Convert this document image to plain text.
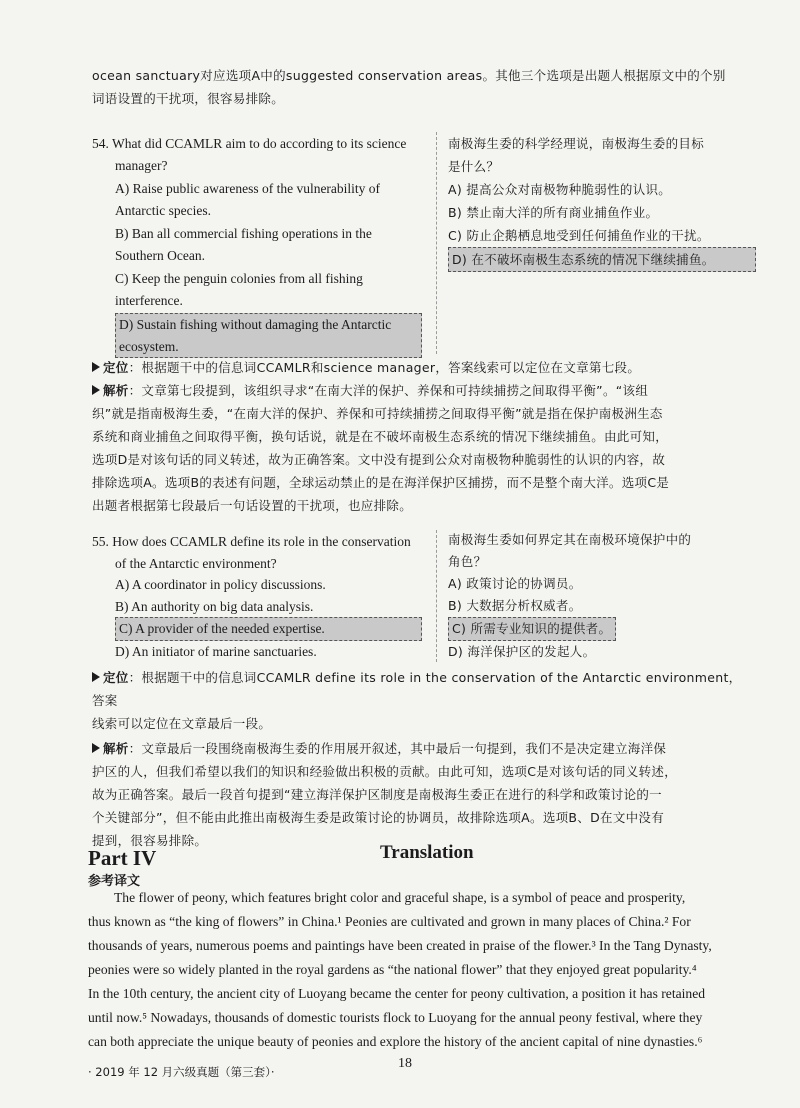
ocean sanctuary对应选项A中的suggested conservation areas。其他三个选项是出题人根据原文中的个别
词语设置的干扰项，很容易排除。
54. What did CCAMLR aim to do according to its science
manager?
A) Raise public awareness of the vulnerability of
Antarctic species.
B) Ban all commercial fishing operations in the
Southern Ocean.
C) Keep the penguin colonies from all fishing
interference.
D) Sustain fishing without damaging the Antarctic
ecosystem.
南极海生委的科学经理说，南极海生委的目标
是什么？
A) 提高公众对南极物种脆弱性的认识。
B) 禁止南大洋的所有商业捕鱼作业。
C) 防止企鹅栖息地受到任何捕鱼作业的干扰。
D) 在不破坏南极生态系统的情况下继续捕鱼。
定位：根据题干中的信息词CCAMLR和science manager，答案线索可以定位在文章第七段。
解析：文章第七段提到，该组织寻求“在南大洋的保护、养保和可持续捕捞之间取得平衡”。“该组
织”就是指南极海生委，“在南大洋的保护、养保和可持续捕捞之间取得平衡”就是指在保护南极洲生态
系统和商业捕鱼之间取得平衡，换句话说，就是在不破坏南极生态系统的情况下继续捕鱼。由此可知，
选项D是对该句话的同义转述，故为正确答案。文中没有提到公众对南极物种脆弱性的认识的内容，故
排除选项A。选项B的表述有问题，全球运动禁止的是在海洋保护区捕捞，而不是整个南大洋。选项C是
出题者根据第七段最后一句话设置的干扰项，也应排除。
55. How does CCAMLR define its role in the conservation
of the Antarctic environment?
A) A coordinator in policy discussions.
B) An authority on big data analysis.
C) A provider of the needed expertise.
D) An initiator of marine sanctuaries.
南极海生委如何界定其在南极环境保护中的
角色？
A) 政策讨论的协调员。
B) 大数据分析权威者。
C) 所需专业知识的提供者。
D) 海洋保护区的发起人。
定位：根据题干中的信息词CCAMLR define its role in the conservation of the Antarctic environment，答案
线索可以定位在文章最后一段。
解析：文章最后一段围绕南极海生委的作用展开叙述，其中最后一句提到，我们不是决定建立海洋保
护区的人，但我们希望以我们的知识和经验做出积极的贡献。由此可知，选项C是对该句话的同义转述，
故为正确答案。最后一段首句提到“建立海洋保护区制度是南极海生委正在进行的科学和政策讨论的一
个关键部分”，但不能由此推出南极海生委是政策讨论的协调员，故排除选项A。选项B、D在文中没有
提到，很容易排除。
Part IV	Translation
参考译文
The flower of peony, which features bright color and graceful shape, is a symbol of peace and prosperity,
thus known as “the king of flowers” in China.¹ Peonies are cultivated and grown in many places of China.² For
thousands of years, numerous poems and paintings have been created in praise of the flower.³ In the Tang Dynasty,
peonies were so widely planted in the royal gardens as “the national flower” that they enjoyed great popularity.⁴
In the 10th century, the ancient city of Luoyang became the center for peony cultivation, a position it has retained
until now.⁵ Nowadays, thousands of domestic tourists flock to Luoyang for the annual peony festival, where they
can both appreciate the unique beauty of peonies and explore the history of the ancient capital of nine dynasties.⁶
· 2019 年 12 月六级真题（第三套）·
18
